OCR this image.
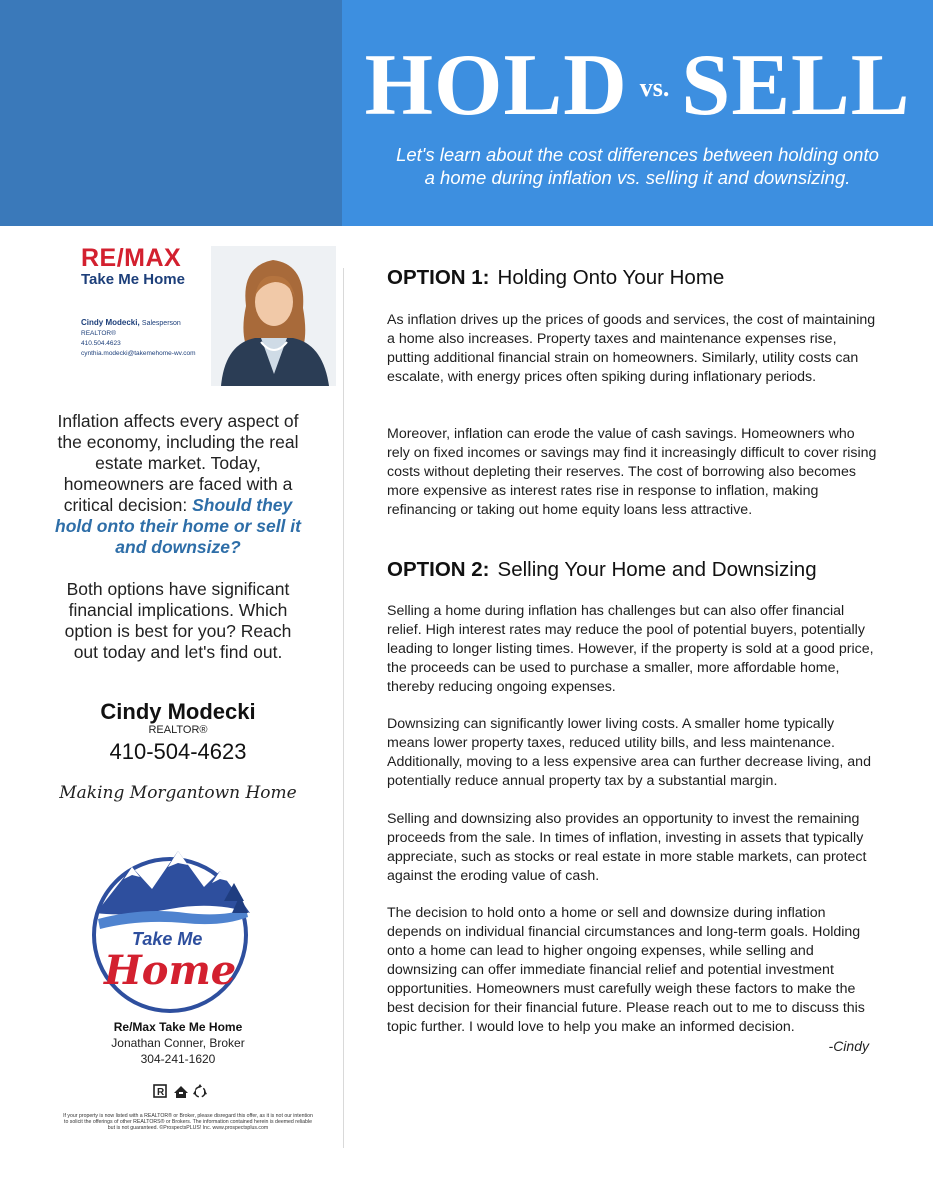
HOLD vs. SELL
Let's learn about the cost differences between holding onto
a home during inflation vs. selling it and downsizing.
RE/MAX
Take Me Home
Cindy Modecki, Salesperson
REALTOR®
410.504.4623
cynthia.modecki@takemehome-wv.com
Inflation affects every aspect of the economy, including the real estate market. Today, homeowners are faced with a critical decision: Should they hold onto their home or sell it and downsize?
Both options have significant financial implications. Which option is best for you? Reach out today and let's find out.
Cindy Modecki
REALTOR®
410-504-4623
Making Morgantown Home
Take Me
Home
Re/Max Take Me Home
Jonathan Conner, Broker
304-241-1620
R
If your property is now listed with a REALTOR® or Broker, please disregard this offer, as it is not our intention to solicit the offerings of other REALTORS® or Brokers. The information contained herein is deemed reliable but is not guaranteed. ©ProspectsPLUS! Inc. www.prospectsplus.com
OPTION 1: Holding Onto Your Home
As inflation drives up the prices of goods and services, the cost of maintaining a home also increases. Property taxes and maintenance expenses rise, putting additional financial strain on homeowners. Similarly, utility costs can escalate, with energy prices often spiking during inflationary periods.
Moreover, inflation can erode the value of cash savings. Homeowners who rely on fixed incomes or savings may find it increasingly difficult to cover rising costs without depleting their reserves. The cost of borrowing also becomes more expensive as interest rates rise in response to inflation, making refinancing or taking out home equity loans less attractive.
OPTION 2: Selling Your Home and Downsizing
Selling a home during inflation has challenges but can also offer financial relief. High interest rates may reduce the pool of potential buyers, potentially leading to longer listing times. However, if the property is sold at a good price, the proceeds can be used to purchase a smaller, more affordable home, thereby reducing ongoing expenses.
Downsizing can significantly lower living costs. A smaller home typically means lower property taxes, reduced utility bills, and less maintenance. Additionally, moving to a less expensive area can further decrease living, and potentially reduce annual property tax by a substantial margin.
Selling and downsizing also provides an opportunity to invest the remaining proceeds from the sale. In times of inflation, investing in assets that typically appreciate, such as stocks or real estate in more stable markets, can protect against the eroding value of cash.
The decision to hold onto a home or sell and downsize during inflation depends on individual financial circumstances and long-term goals. Holding onto a home can lead to higher ongoing expenses, while selling and downsizing can offer immediate financial relief and potential investment opportunities. Homeowners must carefully weigh these factors to make the best decision for their financial future. Please reach out to me to discuss this topic further. I would love to help you make an informed decision.
-Cindy
